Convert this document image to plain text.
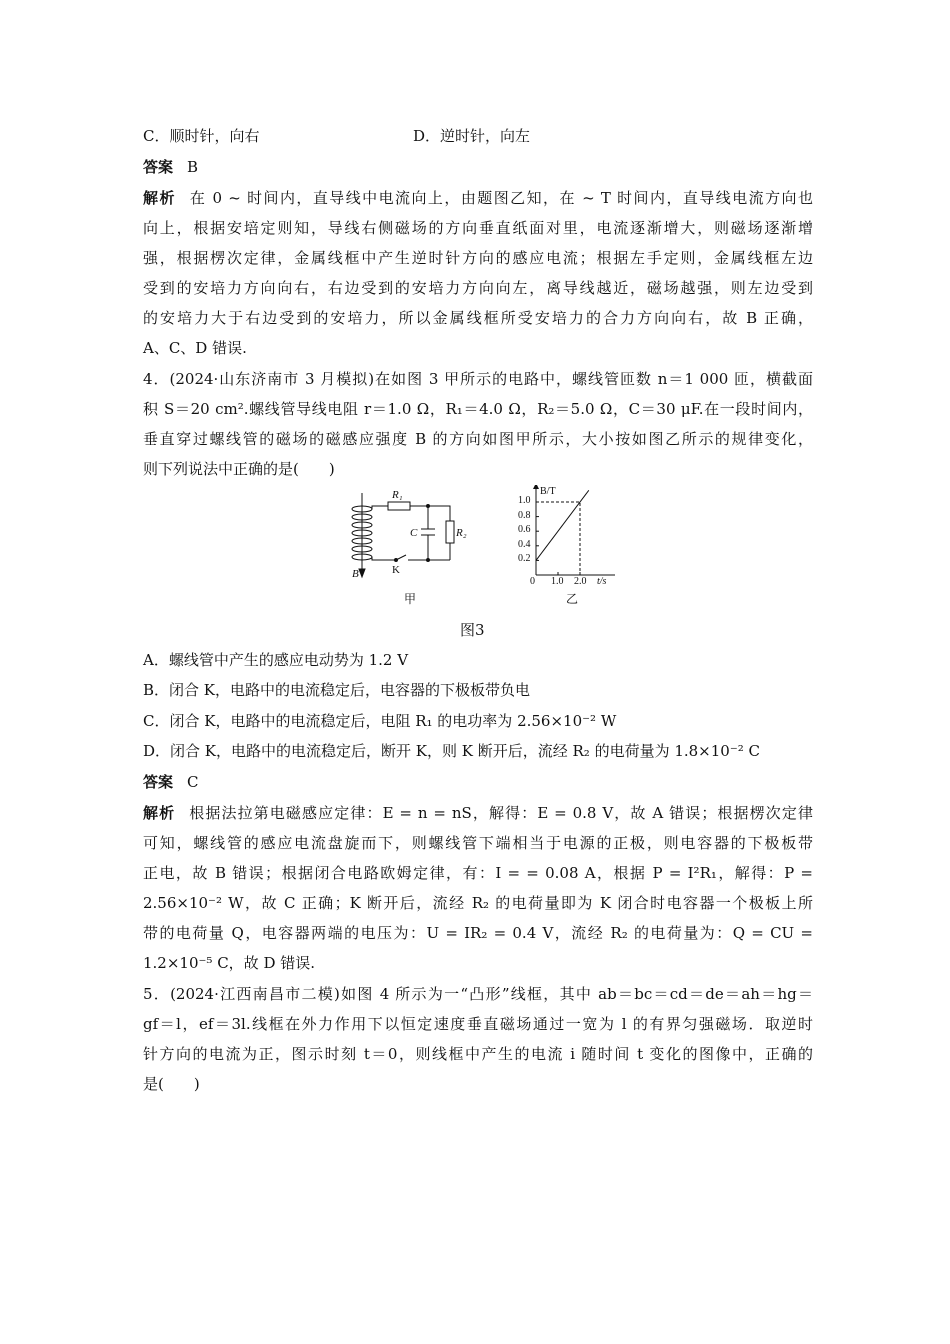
C．顺时针，向右	D．逆时针，向左
答案 B
解析 在 0 ~ 时间内，直导线中电流向上，由题图乙知，在 ~ T 时间内，直导线电流方向也
向上，根据安培定则知，导线右侧磁场的方向垂直纸面对里，电流逐渐增大，则磁场逐渐增
强，根据楞次定律，金属线框中产生逆时针方向的感应电流；根据左手定则，金属线框左边
受到的安培力方向向右，右边受到的安培力方向向左，离导线越近，磁场越强，则左边受到
的安培力大于右边受到的安培力，所以金属线框所受安培力的合力方向向右，故 B 正确，
A、C、D 错误.
4．(2024·山东济南市 3 月模拟)在如图 3 甲所示的电路中，螺线管匝数 n＝1 000 匝，横截面
积 S＝20 cm².螺线管导线电阻 r＝1.0 Ω，R₁＝4.0 Ω，R₂＝5.0 Ω，C＝30 μF.在一段时间内，
垂直穿过螺线管的磁场的磁感应强度 B 的方向如图甲所示，大小按如图乙所示的规律变化，
则下列说法中正确的是(　　)
R₁
R₂
C
K
B
甲
B/T
t/s
0
1.0
0.8
0.6
0.4
0.2
1.0 2.0
乙
图3
A．螺线管中产生的感应电动势为 1.2 V
B．闭合 K，电路中的电流稳定后，电容器的下极板带负电
C．闭合 K，电路中的电流稳定后，电阻 R₁ 的电功率为 2.56×10⁻² W
D．闭合 K，电路中的电流稳定后，断开 K，则 K 断开后，流经 R₂ 的电荷量为 1.8×10⁻² C
答案 C
解析 根据法拉第电磁感应定律：E = n = nS，解得：E = 0.8 V，故 A 错误；根据楞次定律
可知，螺线管的感应电流盘旋而下，则螺线管下端相当于电源的正极，则电容器的下极板带
正电，故 B 错误；根据闭合电路欧姆定律，有：I = = 0.08 A，根据 P = I²R₁，解得：P =
2.56×10⁻² W，故 C 正确；K 断开后，流经 R₂ 的电荷量即为 K 闭合时电容器一个极板上所
带的电荷量 Q，电容器两端的电压为：U = IR₂ = 0.4 V，流经 R₂ 的电荷量为：Q = CU =
1.2×10⁻⁵ C，故 D 错误.
5．(2024·江西南昌市二模)如图 4 所示为一“凸形”线框，其中 ab＝bc＝cd＝de＝ah＝hg＝
gf＝l，ef＝3l.线框在外力作用下以恒定速度垂直磁场通过一宽为 l 的有界匀强磁场．取逆时
针方向的电流为正，图示时刻 t＝0，则线框中产生的电流 i 随时间 t 变化的图像中，正确的
是(　　)
